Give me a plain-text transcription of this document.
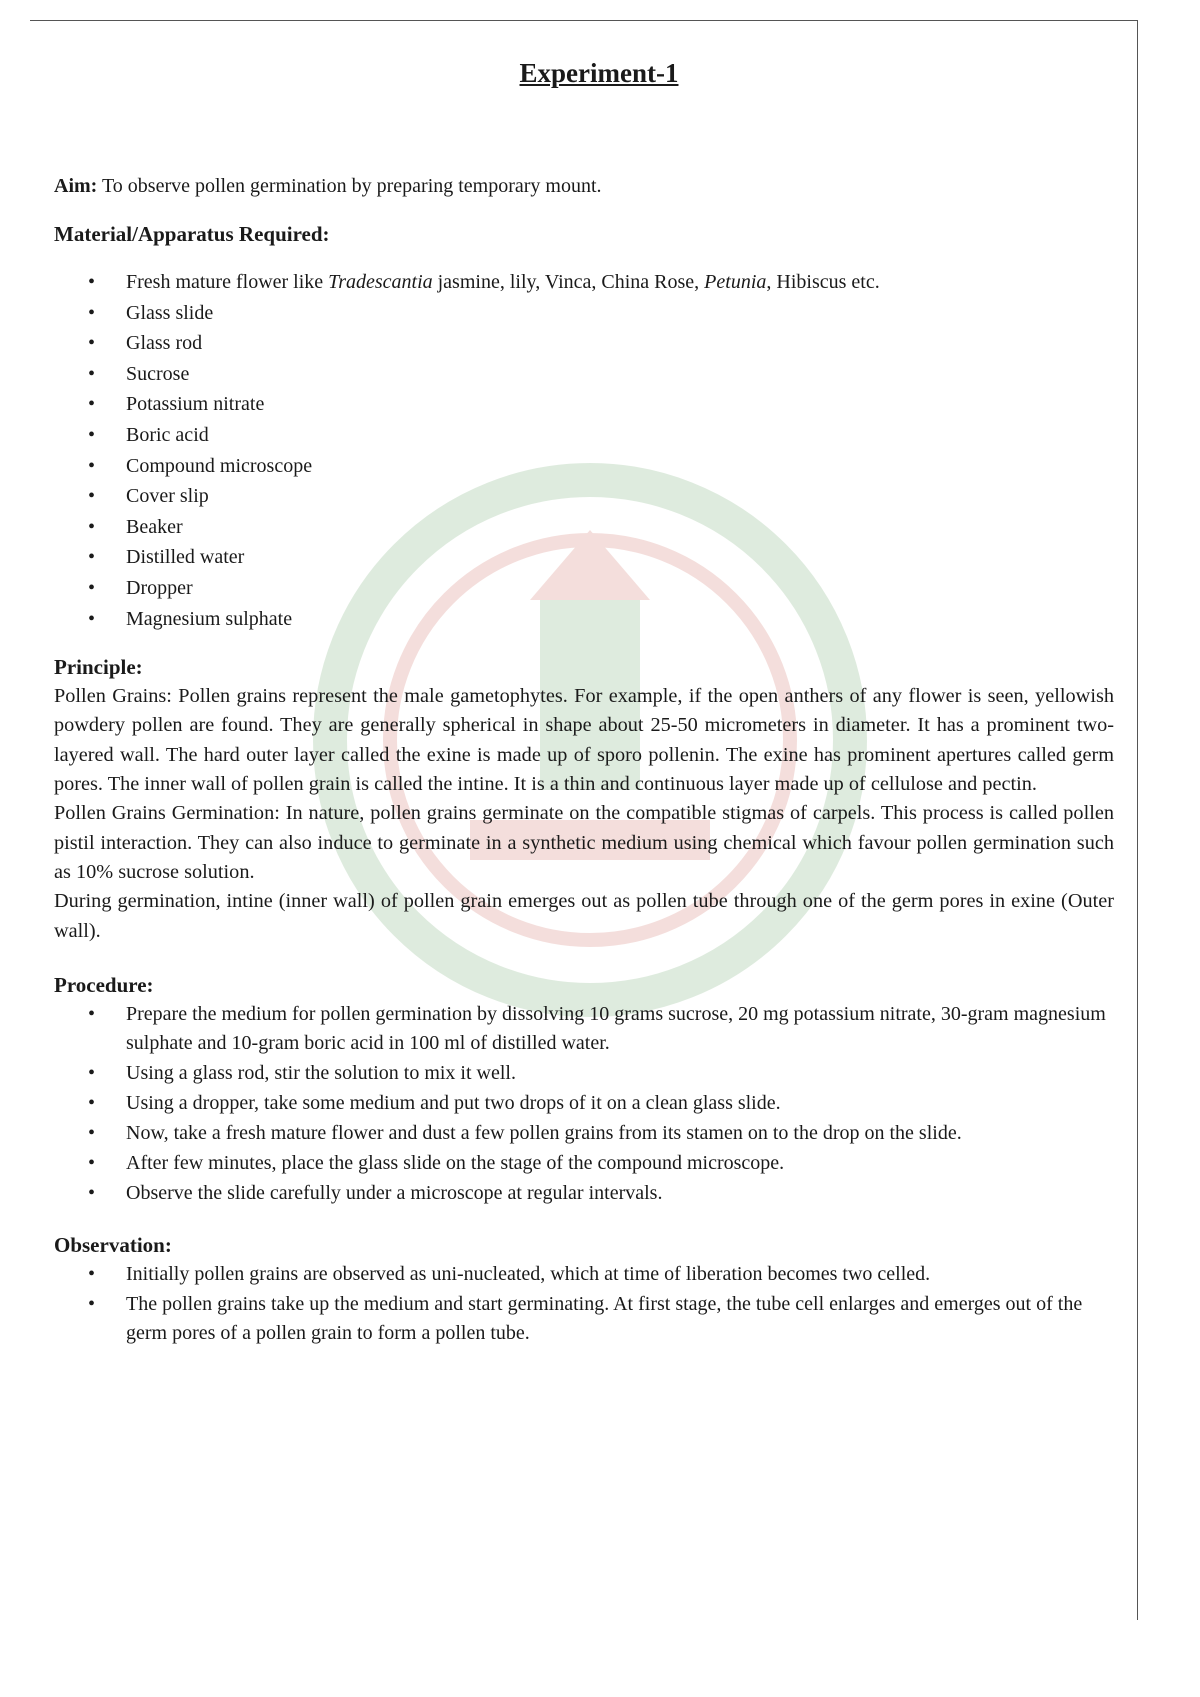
Experiment-1

Aim: To observe pollen germination by preparing temporary mount.

Material/Apparatus Required:

• Fresh mature flower like Tradescantia jasmine, lily, Vinca, China Rose, Petunia, Hibiscus etc.
• Glass slide
• Glass rod
• Sucrose
• Potassium nitrate
• Boric acid
• Compound microscope
• Cover slip
• Beaker
• Distilled water
• Dropper
• Magnesium sulphate

Principle:

Pollen Grains: Pollen grains represent the male gametophytes. For example, if the open anthers of any flower is seen, yellowish powdery pollen are found. They are generally spherical in shape about 25-50 micrometers in diameter. It has a prominent two-layered wall. The hard outer layer called the exine is made up of sporo pollenin. The exine has prominent apertures called germ pores. The inner wall of pollen grain is called the intine. It is a thin and continuous layer made up of cellulose and pectin.

Pollen Grains Germination: In nature, pollen grains germinate on the compatible stigmas of carpels. This process is called pollen pistil interaction. They can also induce to germinate in a synthetic medium using chemical which favour pollen germination such as 10% sucrose solution.

During germination, intine (inner wall) of pollen grain emerges out as pollen tube through one of the germ pores in exine (Outer wall).

Procedure:

• Prepare the medium for pollen germination by dissolving 10 grams sucrose, 20 mg potassium nitrate, 30-gram magnesium sulphate and 10-gram boric acid in 100 ml of distilled water.
• Using a glass rod, stir the solution to mix it well.
• Using a dropper, take some medium and put two drops of it on a clean glass slide.
• Now, take a fresh mature flower and dust a few pollen grains from its stamen on to the drop on the slide.
• After few minutes, place the glass slide on the stage of the compound microscope.
• Observe the slide carefully under a microscope at regular intervals.

Observation:

• Initially pollen grains are observed as uni-nucleated, which at time of liberation becomes two celled.
• The pollen grains take up the medium and start germinating. At first stage, the tube cell enlarges and emerges out of the germ pores of a pollen grain to form a pollen tube.
